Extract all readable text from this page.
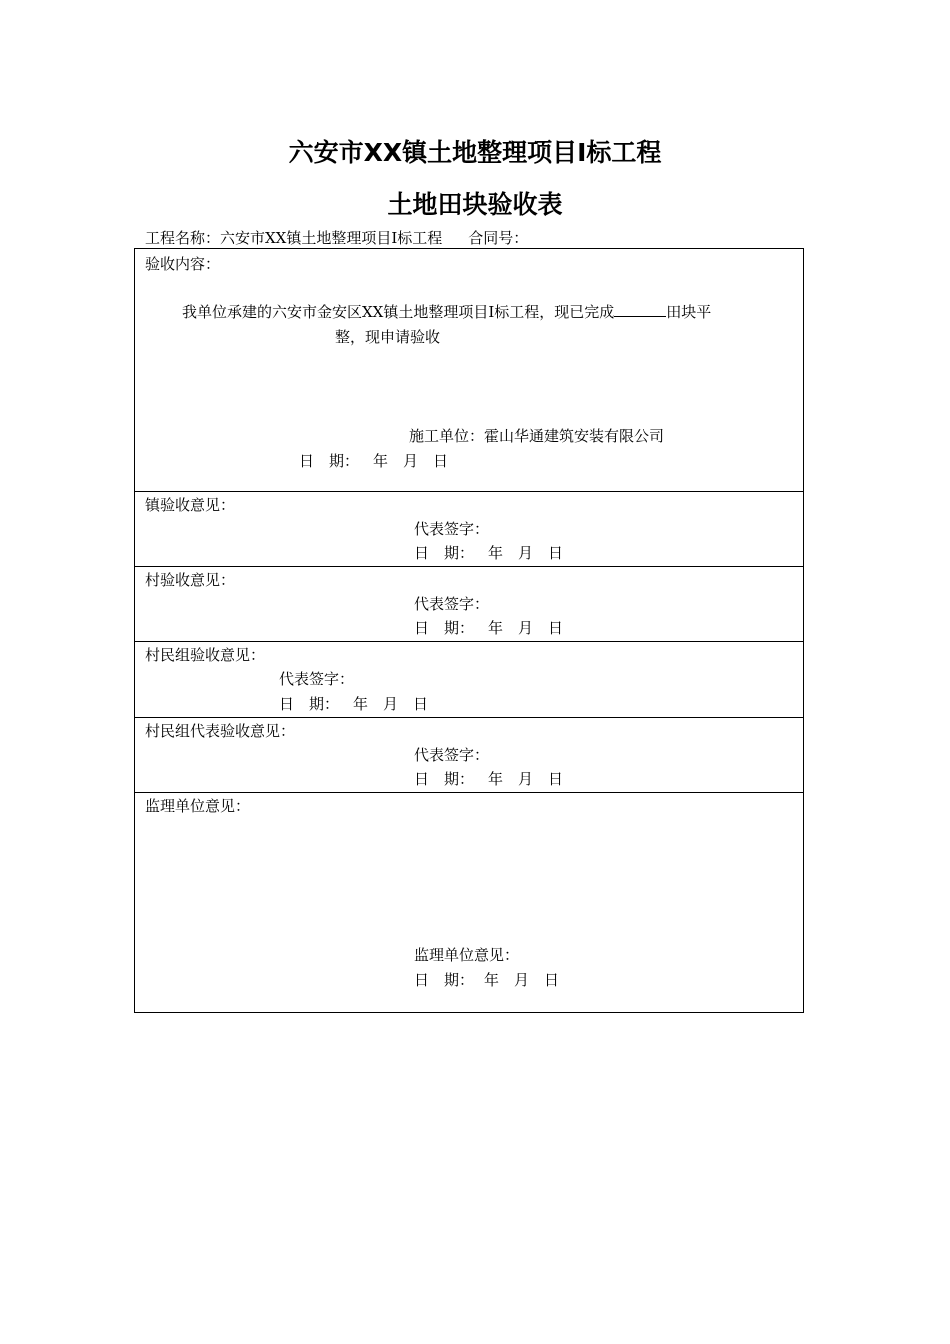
六安市XX镇土地整理项目Ⅰ标工程
土地田块验收表
工程名称：六安市XX镇土地整理项目Ⅰ标工程 合同号：
验收内容：
我单位承建的六安市金安区XX镇土地整理项目Ⅰ标工程，现已完成	田块平
整，现申请验收
施工单位：霍山华通建筑安装有限公司
日　期： 年　月　日
镇验收意见：
代表签字：
日　期： 年　月　日
村验收意见：
代表签字：
日　期： 年　月　日
村民组验收意见：
代表签字：
日　期： 年　月　日
村民组代表验收意见：
代表签字：
日　期： 年　月　日
监理单位意见：
监理单位意见：
日　期： 年　月　日
